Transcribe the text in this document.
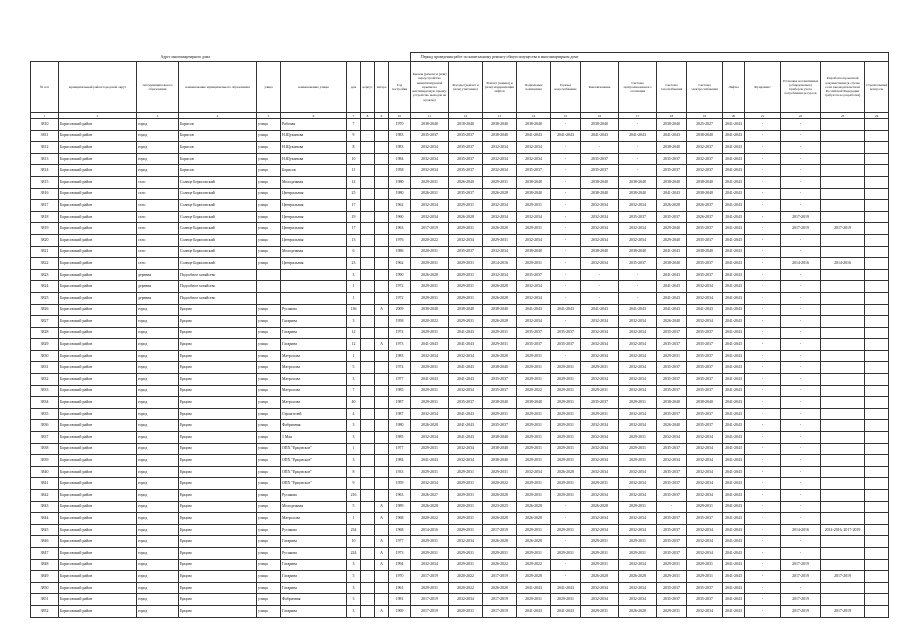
Адрес многоквартирного дома										Период проведения работ по капитальному ремонту общего имущества в многоквартирном доме													
№ п/п	муниципальный район/городской округ	тип муниципального образования	наименование муниципального образования	улица	наименование улицы	дом	корпус	литера	Год постройки	Кровля (ремонт и (или) переустройство невентилируемой крыши на вентилируемую крышу, устройство выходов на кровлю)	Фасады (ремонт и (или) утепление)	Ремонт (замена) и (или) модернизация лифтов	Подвальные помещения	Горячее водоснабжение	Канализование	Система централизованного отопления	Система газоснабжения	Система электроснабжения	Лифты	Фундамент	Установка коллективных (общедомовых) приборов учета потребления ресурсов	Разработка проектной документации (в случае если законодательством Российской Федерации требуется ее разработка)	Строительный контроль
1	2	3	4	5	6	7	8	9	10	11	12	13	14	15	16	17	18	19	20	21	22	23	24
3810	Борисовский район	город	Борисов	улица	Рабочая	7			1970	2038-2040	2018-2040	2038-2040	2038-2040	-	2038-2040	-	2038-2040	2025-2027	2041-2043	-	-		
3811	Борисовский район	город	Борисов	улица	Н.Щукинова	9			1983	2035-2037	2035-2037	2038-2040	2041-2043	2041-2043	2041-2043	2041-2043	2041-2043	2038-2040	2041-2043	-	-		
3812	Борисовский район	город	Борисов	улица	Н.Щукинова	8			1983	2032-2034	2035-2037	2032-2034	2032-2034	-	-	-	2038-2040	2032-2037	2041-2043	-	-		
3813	Борисовский район	город	Борисов	улица	Н.Щукинова	10			1984	2032-2034	2035-2037	2032-2034	2032-2034	-	2035-2037	-	2035-2037	2032-2037	2041-2043	-	-		
3814	Борисовский район	город	Борисов	улица	Борисов	11			1958	2032-2034	2035-2037	2032-2034	2035-2037	-	2035-2037	-	2035-2037	2032-2037	2041-2043	-	-		
3815	Борисовский район	село	Солнце Борисовский	улица	Молодежная	12			1980	2029-2031	2026-2040	2029-2031	2038-2040	-	2038-2040	2038-2040	2038-2040	2038-2040	2041-2043	-	-		
3816	Борисовский район	село	Солнце Борисовский	улица	Центральная	25			1980	2026-2031	2035-2037	2026-2028	2038-2040	-	2038-2040	2038-2040	2041-2043	2038-2040	2041-2043	-	-		
3817	Борисовский район	село	Солнце Борисовский	улица	Центральная	17			1962	2032-2034	2029-2031	2032-2034	2029-2031	-	2032-2034	2032-2034	2026-2028	2026-2037	2041-2043	-	-		
3818	Борисовский район	село	Солнце Борисовский	улица	Центральная	19			1960	2032-2034	2026-2028	2032-2034	2032-2034	-	2032-2034	2035-2037	2035-2037	2026-2037	2041-2043	-	2017-2019		
3819	Борисовский район	село	Солнце Борисовский	улица	Центральная	17			1963	2017-2019	2029-2031	2026-2028	2029-2031	-	2032-2034	2032-2034	2029-2040	2035-2037	2041-2043	-	2017-2019	2017-2019	
3820	Борисовский район	село	Солнце Борисовский	улица	Центральная	13			1976	2020-2022	2032-2034	2029-2031	2032-2034	-	2032-2034	2032-2034	2029-2040	2035-2037	2041-2043	-	-		
3821	Борисовский район	село	Солнце Борисовский	улица	Молодежная	6			1986	2020-2031	2035-2037	2032-2034	2038-2040	-	2038-2040	2038-2040	2041-2043	2038-2040	2041-2043	-	-		
3822	Борисовский район	село	Солнце Борисовский	улица	Центральная	23			1962	2029-2031	2029-2031	2014-2016	2029-2031	-	2032-2034	2035-2037	2038-2040	2035-2037	2041-2043	-	2014-2016	2014-2016	
3823	Борисовский район	деревня	Подсобное хозяйство			3			1990	2026-2028	2029-2031	2032-2034	2035-2037	-	-	-	2041-2043	2035-2037	2041-2043	-	-		
3824	Борисовский район	деревня	Подсобное хозяйство			1			1972	2029-2031	2029-2031	2026-2028	2032-2034	-	-	-	2041-2043	2032-2034	2041-2043	-	-		
3825	Борисовский район	деревня	Подсобное хозяйство			1			1972	2029-2031	2029-2031	2026-2028	2032-2034	-	-	-	2041-2043	2032-2034	2041-2043	-	-		
3826	Борисовский район	город	Ерцово	улица	Русакова	136		А	2009	2038-2040	2038-2040	2038-2040	2041-2043	2041-2043	2041-2043	2041-2043	2041-2043	2041-2043	2041-2043	-	-		
3827	Борисовский район	город	Ерцово	улица	Гагарина	3			1958	2020-2022	2029-2031	2026-2028	2032-2034	-	2032-2034	2032-2034	2026-2040	2032-2034	2041-2043	-	-		
3828	Борисовский район	город	Ерцово	улица	Гагарина	12			1974	2029-2031	2041-2043	2029-2031	2035-2037	2035-2037	2032-2034	2032-2034	2035-2037	2035-2037	2041-2043	-	-		
3829	Борисовский район	город	Ерцово	улица	Гагарина	12		А	1973	2041-2043	2041-2043	2029-2031	2035-2037	2035-2037	2032-2034	2032-2034	2035-2037	2035-2037	2041-2043	-	-		
3830	Борисовский район	город	Ерцово	улица	Матросова	1			1983	2032-2034	2032-2034	2026-2028	2029-2031	-	2032-2034	2032-2034	2029-2031	2035-2037	2041-2043	-	-		
3831	Борисовский район	город	Ерцово	улица	Матросова	5			1974	2029-2031	2041-2043	2038-2040	2029-2031	2029-2031	2029-2031	2032-2034	2035-2037	2035-2037	2041-2043	-	-		
3832	Борисовский район	город	Ерцово	улица	Матросова	3			1977	2041-2043	2041-2043	2035-2037	2029-2031	2029-2031	2032-2034	2032-2034	2035-2037	2035-2037	2041-2043	-	-		
3833	Борисовский район	город	Ерцово	улица	Матросова	7			1985	2029-2031	2032-2034	2035-2037	2020-2022	2029-2031	2029-2031	2032-2034	2035-2037	2035-2037	2041-2043	-	-		
3834	Борисовский район	город	Ерцово	улица	Матросова	40			1987	2029-2031	2035-2037	2038-2040	2038-2040	2029-2031	2035-2037	2029-2031	2038-2040	2038-2040	2041-2043	-	-		
3835	Борисовский район	город	Ерцово	улица	Строителей	4			1987	2032-2034	2041-2043	2029-2031	2029-2031	2029-2031	2029-2031	2032-2034	2035-2037	2035-2037	2041-2043	-	-		
3836	Борисовский район	город	Ерцово	улица	Фабричная	3			1980	2026-2028	2041-2043	2035-2037	2029-2031	2029-2031	2032-2034	2032-2034	2026-2040	2035-2037	2041-2043	-	-		
3837	Борисовский район	город	Ерцово	улица	1 Мая	3			1985	2032-2034	2041-2043	2038-2040	2029-2031	2029-2031	2032-2034	2029-2031	2032-2034	2032-2034	2041-2043	-	-		
3838	Борисовский район	город	Ерцово	улица	ОПХ "Ерцовское"	1			1977	2029-2031	2032-2034	2038-2040	2029-2031	2029-2031	2032-2034	2029-2031	2035-2037	2032-2034	2041-2043	-	-		
3839	Борисовский район	город	Ерцово	улица	ОПХ "Ерцовское"	3			1984	2041-2043	2032-2034	2038-2040	2029-2031	2029-2031	2032-2034	2029-2031	2032-2034	2032-2034	2041-2043	-	-		
3840	Борисовский район	город	Ерцово	улица	ОПХ "Ерцовское"	8			1933	2029-2031	2029-2031	2029-2031	2032-2034	2026-2028	2032-2034	2032-2034	2035-2037	2032-2034	2041-2043	-	-		
3841	Борисовский район	город	Ерцово	улица	ОПХ "Ерцовское"	9			1959	2032-2034	2029-2031	2020-2022	2029-2031	2029-2031	2029-2031	2032-2034	2035-2037	2032-2034	2041-2043	-	-		
3842	Борисовский район	город	Ерцово	улица	Русакова	216			1963	2026-2027	2029-2031	2026-2028	2029-2031	2029-2031	2032-2034	2032-2034	2035-2037	2032-2034	2041-2043	-	-		
3843	Борисовский район	город	Ерцово	улица	Молодежная	5		А	1989	2026-2028	2020-2031	2023-2025	2026-2028	-	2026-2028	2029-2031	-	2029-2031	2041-2043	-	-		
3844	Борисовский район	город	Ерцово	улица	Матросова	1		А	1968	2020-2022	2029-2031	2026-2028	2026-2028	-	2032-2034	2032-2034	2035-2037	2035-2037	2041-2043	-	-		
3845	Борисовский район	город	Ерцово	улица	Русакова	234			1968	2014-2016	2029-2031	2017-2019	2029-2031	2029-2031	2032-2034	2032-2034	2035-2037	2032-2034	2041-2043	-	2014-2016	2014-2016, 2017-2019	
3846	Борисовский район	город	Ерцово	улица	Гагарина	10		А	1977	2029-2031	2032-2034	2026-2028	2026-2028	-	2029-2031	2029-2031	2035-2037	2032-2034	2041-2043	-	-		
3847	Борисовский район	город	Ерцово	улица	Русакова	224		А	1973	2029-2031	2029-2031	2029-2031	2029-2031	2029-2031	2029-2031	2029-2031	2035-2037	2032-2034	2041-2043	-	-		
3848	Борисовский район	город	Ерцово	улица	Гагарина	3		А	1994	2032-2034	2029-2031	2026-2022	2029-2022	-	2029-2031	2032-2034	2029-2031	2029-2031	2041-2043	-	2017-2019		
3849	Борисовский район	город	Ерцово	улица	Гагарина	5			1970	2017-2019	2020-2022	2017-2019	2029-2028	-	2026-2028	2026-2028	2029-2031	2029-2031	2041-2043	-	2017-2019	2017-2019	
3850	Борисовский район	город	Ерцово	улица	Гагарина	3			1961	2029-2031	2020-2022	2026-2028	2041-2043	2041-2043	2032-2034	2032-2034	2035-2037	2035-2037	2041-2043	-	-		
3851	Борисовский район	город	Ерцово	улица	Фабричная	3			1981	2017-2019	2032-2034	2017-2019	2029-2031	2029-2031	2032-2034	2032-2034	2035-2037	2035-2037	2041-2043	-	2017-2019		
3852	Борисовский район	город	Ерцово	улица	Гагарина	3		А	1969	2017-2019	2020-2031	2017-2019	2041-2043	2041-2043	2029-2031	2026-2028	2029-2031	2032-2034	2041-2043	-	2017-2019	2017-2019	
